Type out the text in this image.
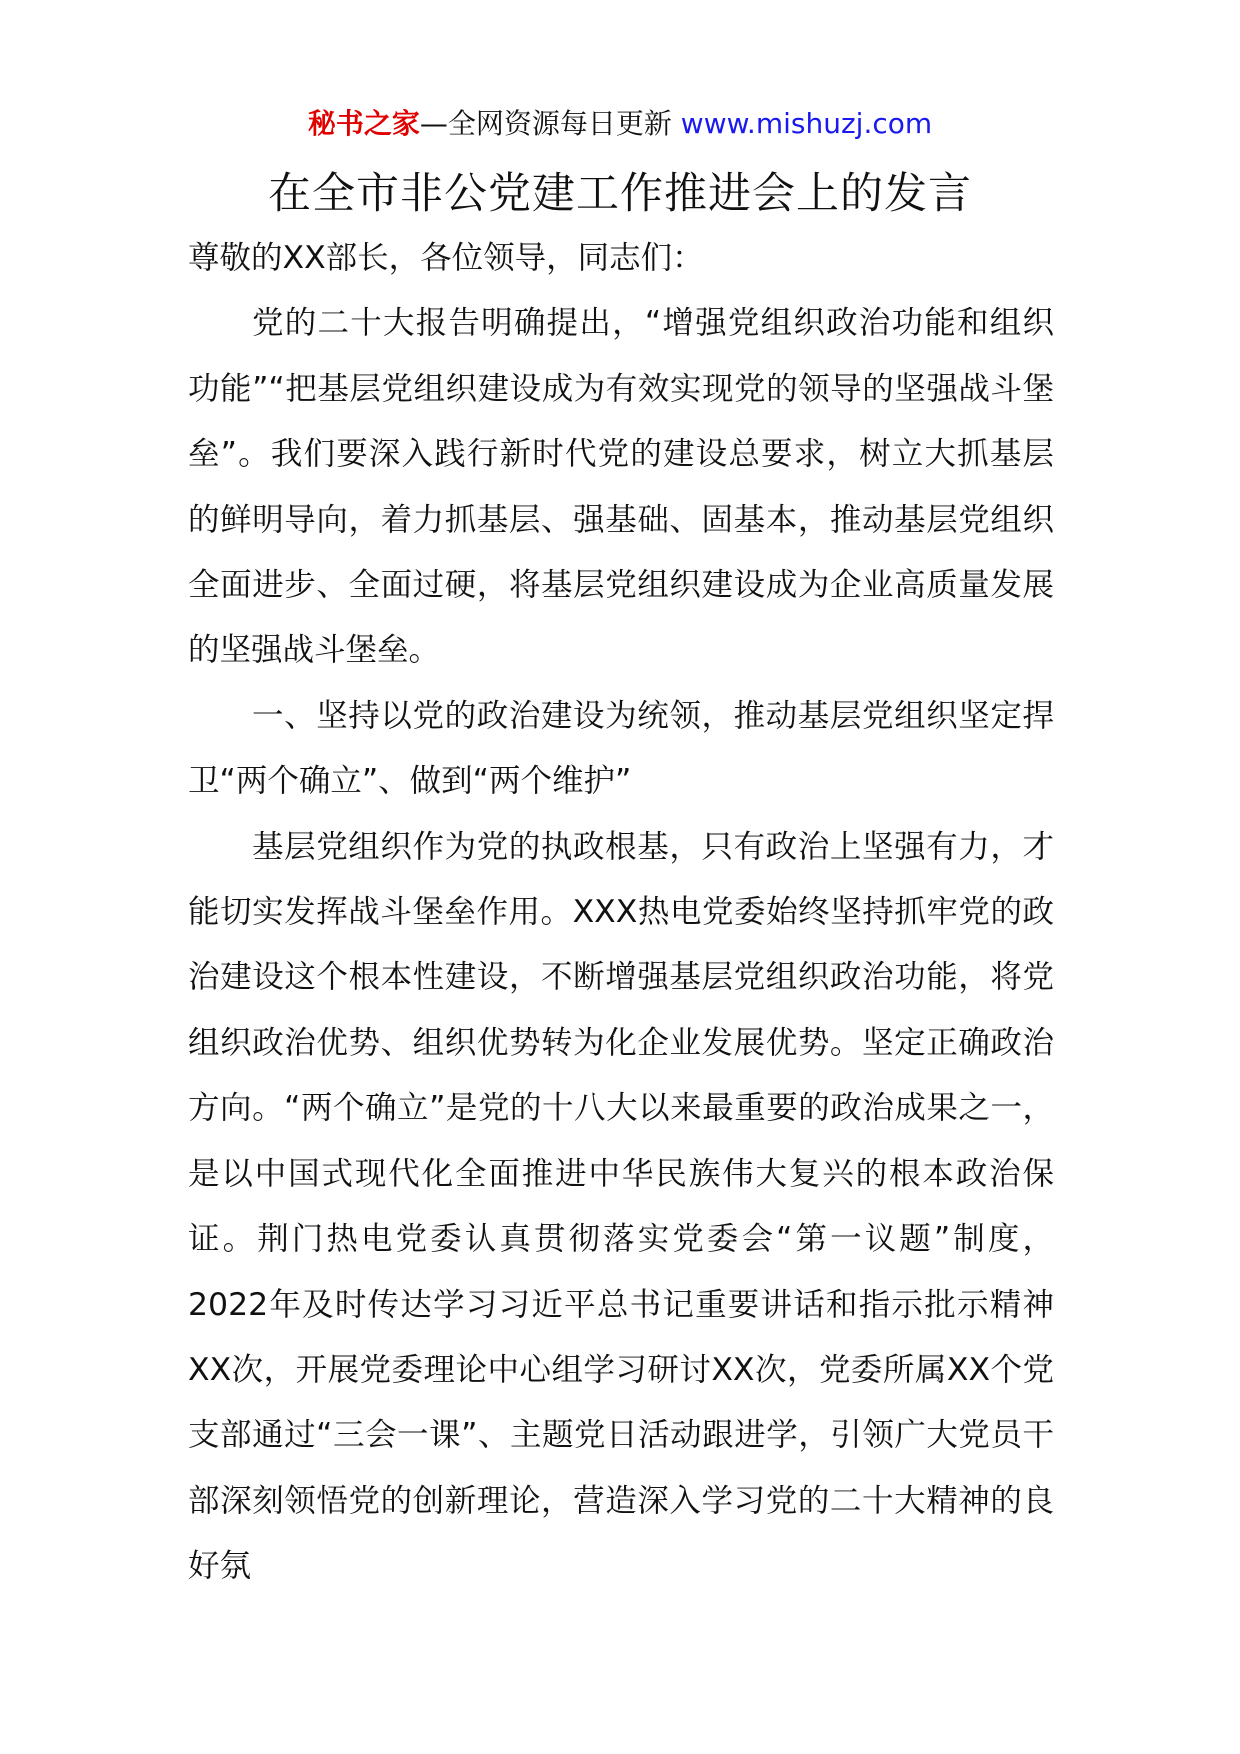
秘书之家—全网资源每日更新 www.mishuzj.com
在全市非公党建工作推进会上的发言

尊敬的XX部长，各位领导，同志们：

党的二十大报告明确提出，“增强党组织政治功能和组织功能”“把基层党组织建设成为有效实现党的领导的坚强战斗堡垒”。我们要深入践行新时代党的建设总要求，树立大抓基层的鲜明导向，着力抓基层、强基础、固基本，推动基层党组织全面进步、全面过硬，将基层党组织建设成为企业高质量发展的坚强战斗堡垒。

一、坚持以党的政治建设为统领，推动基层党组织坚定捍卫“两个确立”、做到“两个维护”

基层党组织作为党的执政根基，只有政治上坚强有力，才能切实发挥战斗堡垒作用。XXX热电党委始终坚持抓牢党的政治建设这个根本性建设，不断增强基层党组织政治功能，将党组织政治优势、组织优势转为化企业发展优势。坚定正确政治方向。“两个确立”是党的十八大以来最重要的政治成果之一，是以中国式现代化全面推进中华民族伟大复兴的根本政治保证。荆门热电党委认真贯彻落实党委会“第一议题”制度，2022年及时传达学习习近平总书记重要讲话和指示批示精神XX次，开展党委理论中心组学习研讨XX次，党委所属XX个党支部通过“三会一课”、主题党日活动跟进学，引领广大党员干部深刻领悟党的创新理论，营造深入学习党的二十大精神的良好氛
